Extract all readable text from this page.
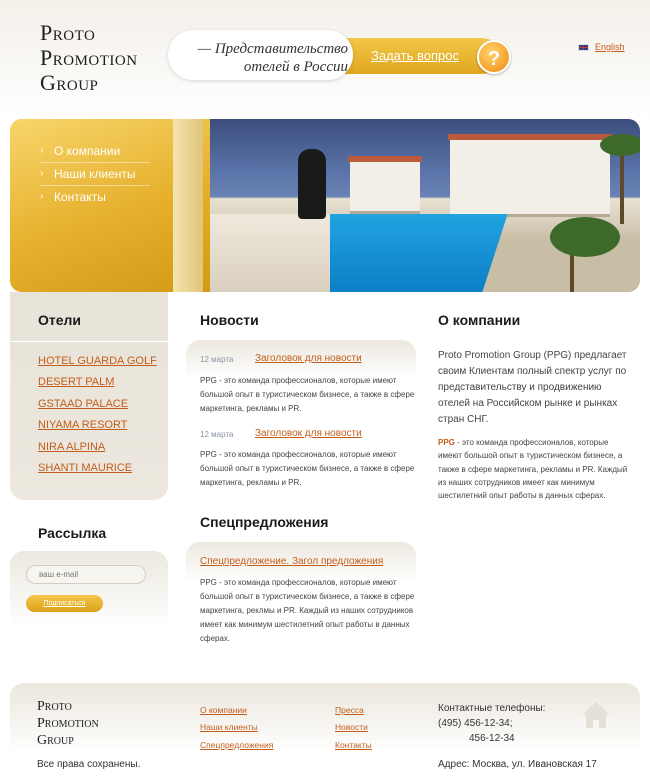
Proto
Promotion
Group
— Представительство
отелей в России
Задать вопрос	?
English
› О компании
› Наши клиенты
› Контакты
Отели
HOTEL GUARDA GOLF
DESERT PALM
GSTAAD PALACE
NIYAMA RESORT
NIRA ALPINA
SHANTI MAURICE
Рассылка
ваш e-mail
Подписаться
Новости
12 марта Заголовок для новости
PPG - это команда профессионалов, которые имеют большой опыт в туристическом бизнесе, а также в сфере маркетинга, рекламы и PR.
12 марта Заголовок для новости
PPG - это команда профессионалов, которые имеют большой опыт в туристическом бизнесе, а также в сфере маркетинга, рекламы и PR.
Спецпредложения
Спецпредложение. Загол предложения
PPG - это команда профессионалов, которые имеют большой опыт в туристическом бизнесе, а также в сфере маркетинга, реклмы и PR. Каждый из наших сотрудников имеет как минимум шестилетний опыт работы в данных сферах.
О компании
Proto Promotion Group (PPG) предлагает своим Клиентам полный спектр услуг по представительству и продвижению отелей на Российском рынке и рынках стран СНГ.
PPG - это команда профессионалов, которые имеют большой опыт в туристическом бизнесе, а также в сфере маркетинга, рекламы и PR. Каждый из наших сотрудников имеет как минимум шестилетний опыт работы в данных сферах.
Proto
Promotion
Group
Все права сохранены.
О компании
Наши клиенты
Спецпредложения
Пресса
Новости
Контакты
Контактные телефоны:
(495) 456-12-34;
456-12-34
Адрес: Москва, ул. Ивановская 17
